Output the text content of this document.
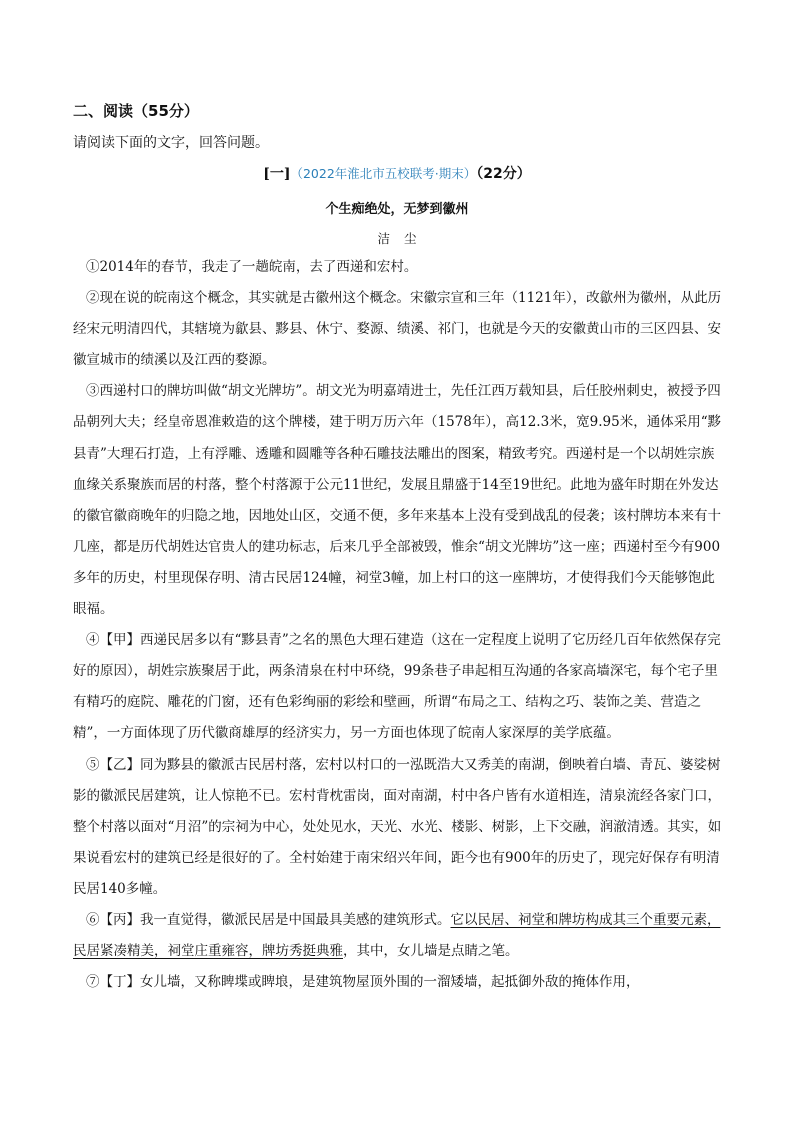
二、阅读（55分）
请阅读下面的文字，回答问题。
[一]（2022年淮北市五校联考·期末）（22分）
个生痴绝处，无梦到徽州
洁尘

①2014年的春节，我走了一趟皖南，去了西递和宏村。

②现在说的皖南这个概念，其实就是古徽州这个概念。宋徽宗宣和三年（1121年），改歙州为徽州，从此历经宋元明清四代，其辖境为歙县、黟县、休宁、婺源、绩溪、祁门，也就是今天的安徽黄山市的三区四县、安徽宣城市的绩溪以及江西的婺源。

③西递村口的牌坊叫做“胡文光牌坊”。胡文光为明嘉靖进士，先任江西万载知县，后任胶州刺史，被授予四品朝列大夫；经皇帝恩准敕造的这个牌楼，建于明万历六年（1578年），高12.3米，宽9.95米，通体采用“黟县青”大理石打造，上有浮雕、透雕和圆雕等各种石雕技法雕出的图案，精致考究。西递村是一个以胡姓宗族血缘关系聚族而居的村落，整个村落源于公元11世纪，发展且鼎盛于14至19世纪。此地为盛年时期在外发达的徽官徽商晚年的归隐之地，因地处山区，交通不便，多年来基本上没有受到战乱的侵袭；该村牌坊本来有十几座，都是历代胡姓达官贵人的建功标志，后来几乎全部被毁，惟余“胡文光牌坊”这一座；西递村至今有900多年的历史，村里现保存明、清古民居124幢，祠堂3幢，加上村口的这一座牌坊，才使得我们今天能够饱此眼福。

④【甲】西递民居多以有“黟县青”之名的黑色大理石建造（这在一定程度上说明了它历经几百年依然保存完好的原因），胡姓宗族聚居于此，两条清泉在村中环绕，99条巷子串起相互沟通的各家高墙深宅，每个宅子里有精巧的庭院、雕花的门窗，还有色彩绚丽的彩绘和壁画，所谓“布局之工、结构之巧、装饰之美、营造之精”，一方面体现了历代徽商雄厚的经济实力，另一方面也体现了皖南人家深厚的美学底蕴。

⑤【乙】同为黟县的徽派古民居村落，宏村以村口的一泓既浩大又秀美的南湖，倒映着白墙、青瓦、婆娑树影的徽派民居建筑，让人惊艳不已。宏村背枕雷岗，面对南湖，村中各户皆有水道相连，清泉流经各家门口，整个村落以面对“月沼”的宗祠为中心，处处见水，天光、水光、楼影、树影，上下交融，润澈清透。其实，如果说看宏村的建筑已经是很好的了。全村始建于南宋绍兴年间，距今也有900年的历史了，现完好保存有明清民居140多幢。

⑥【丙】我一直觉得，徽派民居是中国最具美感的建筑形式。它以民居、祠堂和牌坊构成其三个重要元素，民居紧凑精美，祠堂庄重雍容，牌坊秀挺典雅，其中，女儿墙是点睛之笔。

⑦【丁】女儿墙，又称睥堞或睥埌，是建筑物屋顶外围的一溜矮墙，起抵御外敌的掩体作用，
